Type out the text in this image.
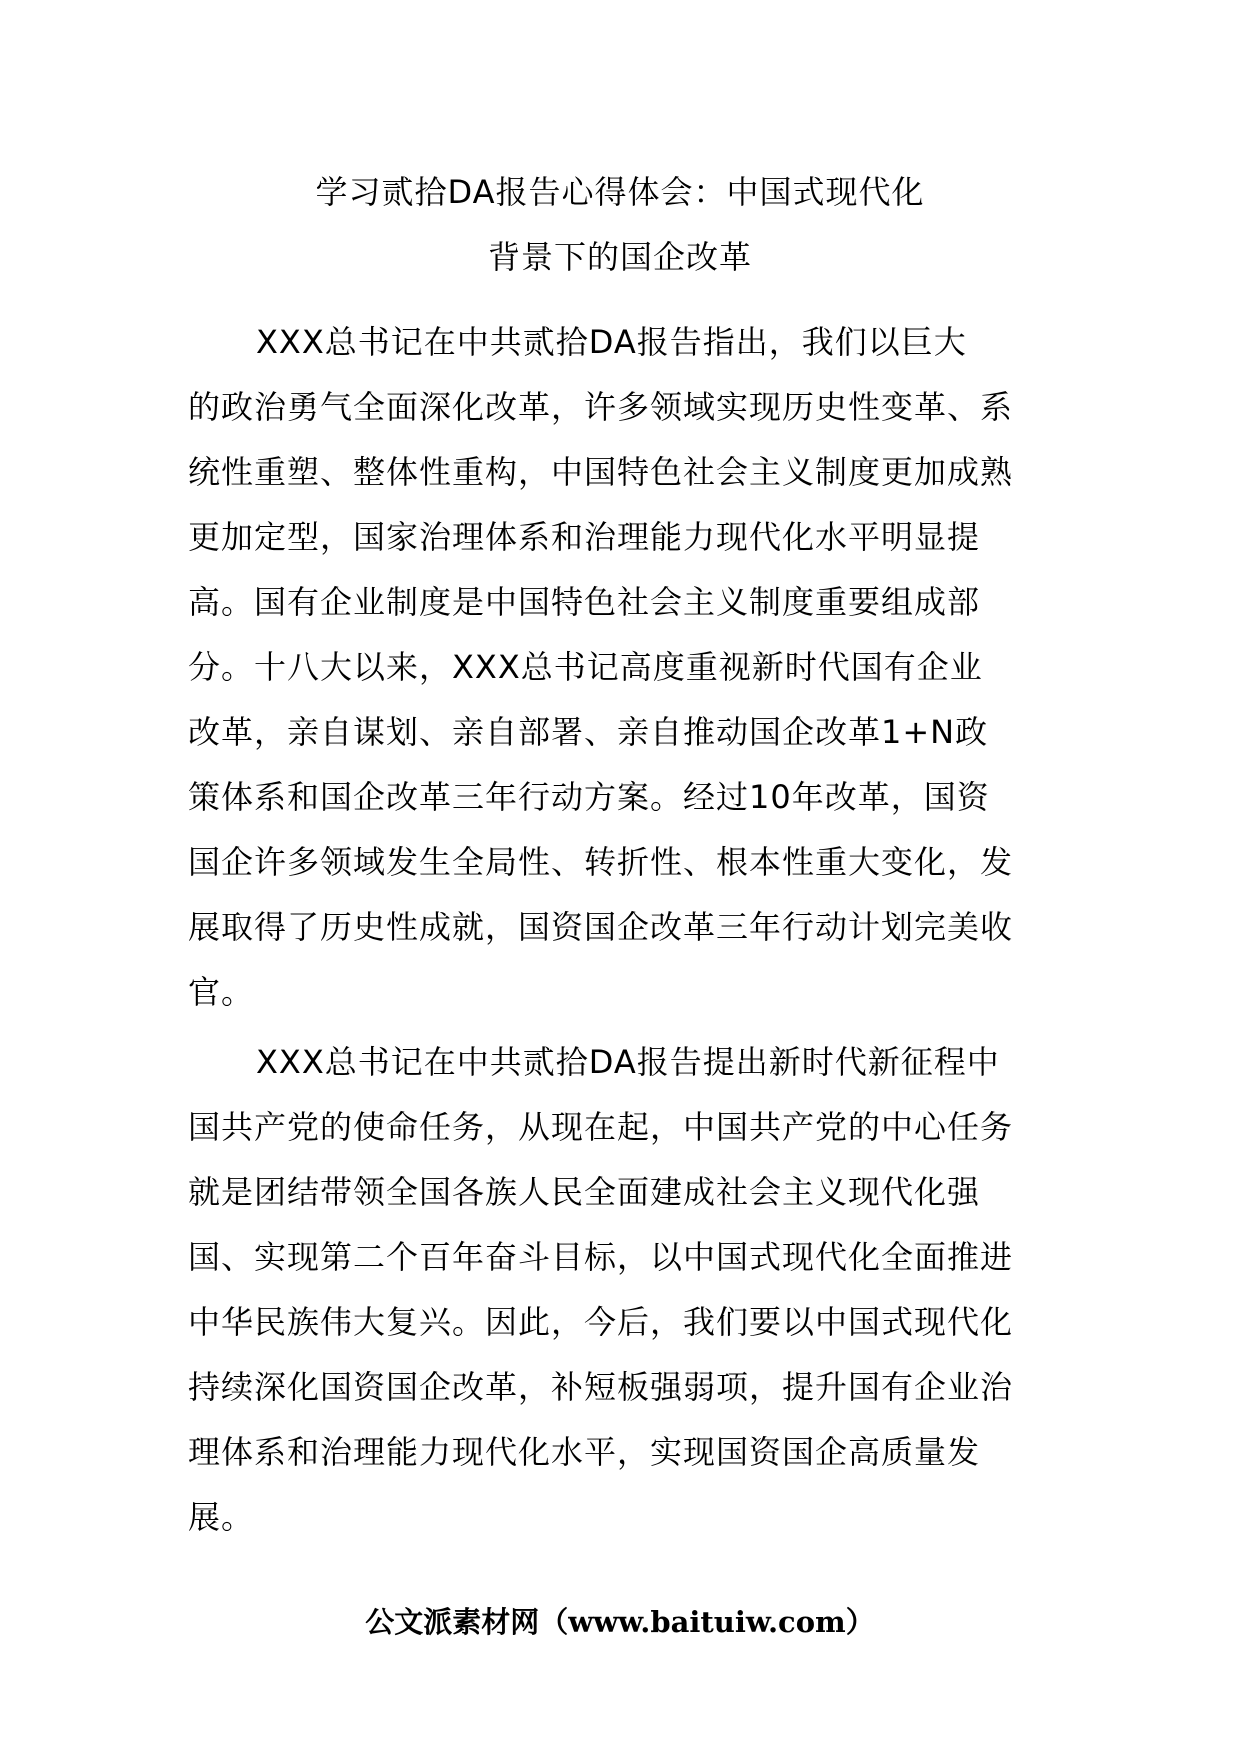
学习贰拾DA报告心得体会：中国式现代化
背景下的国企改革
XXX总书记在中共贰拾DA报告指出，我们以巨大
的政治勇气全面深化改革，许多领域实现历史性变革、系
统性重塑、整体性重构，中国特色社会主义制度更加成熟
更加定型，国家治理体系和治理能力现代化水平明显提
高。国有企业制度是中国特色社会主义制度重要组成部
分。十八大以来，XXX总书记高度重视新时代国有企业
改革，亲自谋划、亲自部署、亲自推动国企改革1+N政
策体系和国企改革三年行动方案。经过10年改革，国资
国企许多领域发生全局性、转折性、根本性重大变化，发
展取得了历史性成就，国资国企改革三年行动计划完美收
官。
XXX总书记在中共贰拾DA报告提出新时代新征程中
国共产党的使命任务，从现在起，中国共产党的中心任务
就是团结带领全国各族人民全面建成社会主义现代化强
国、实现第二个百年奋斗目标，以中国式现代化全面推进
中华民族伟大复兴。因此，今后，我们要以中国式现代化
持续深化国资国企改革，补短板强弱项，提升国有企业治
理体系和治理能力现代化水平，实现国资国企高质量发
展。
公文派素材网（www.baituiw.com）
